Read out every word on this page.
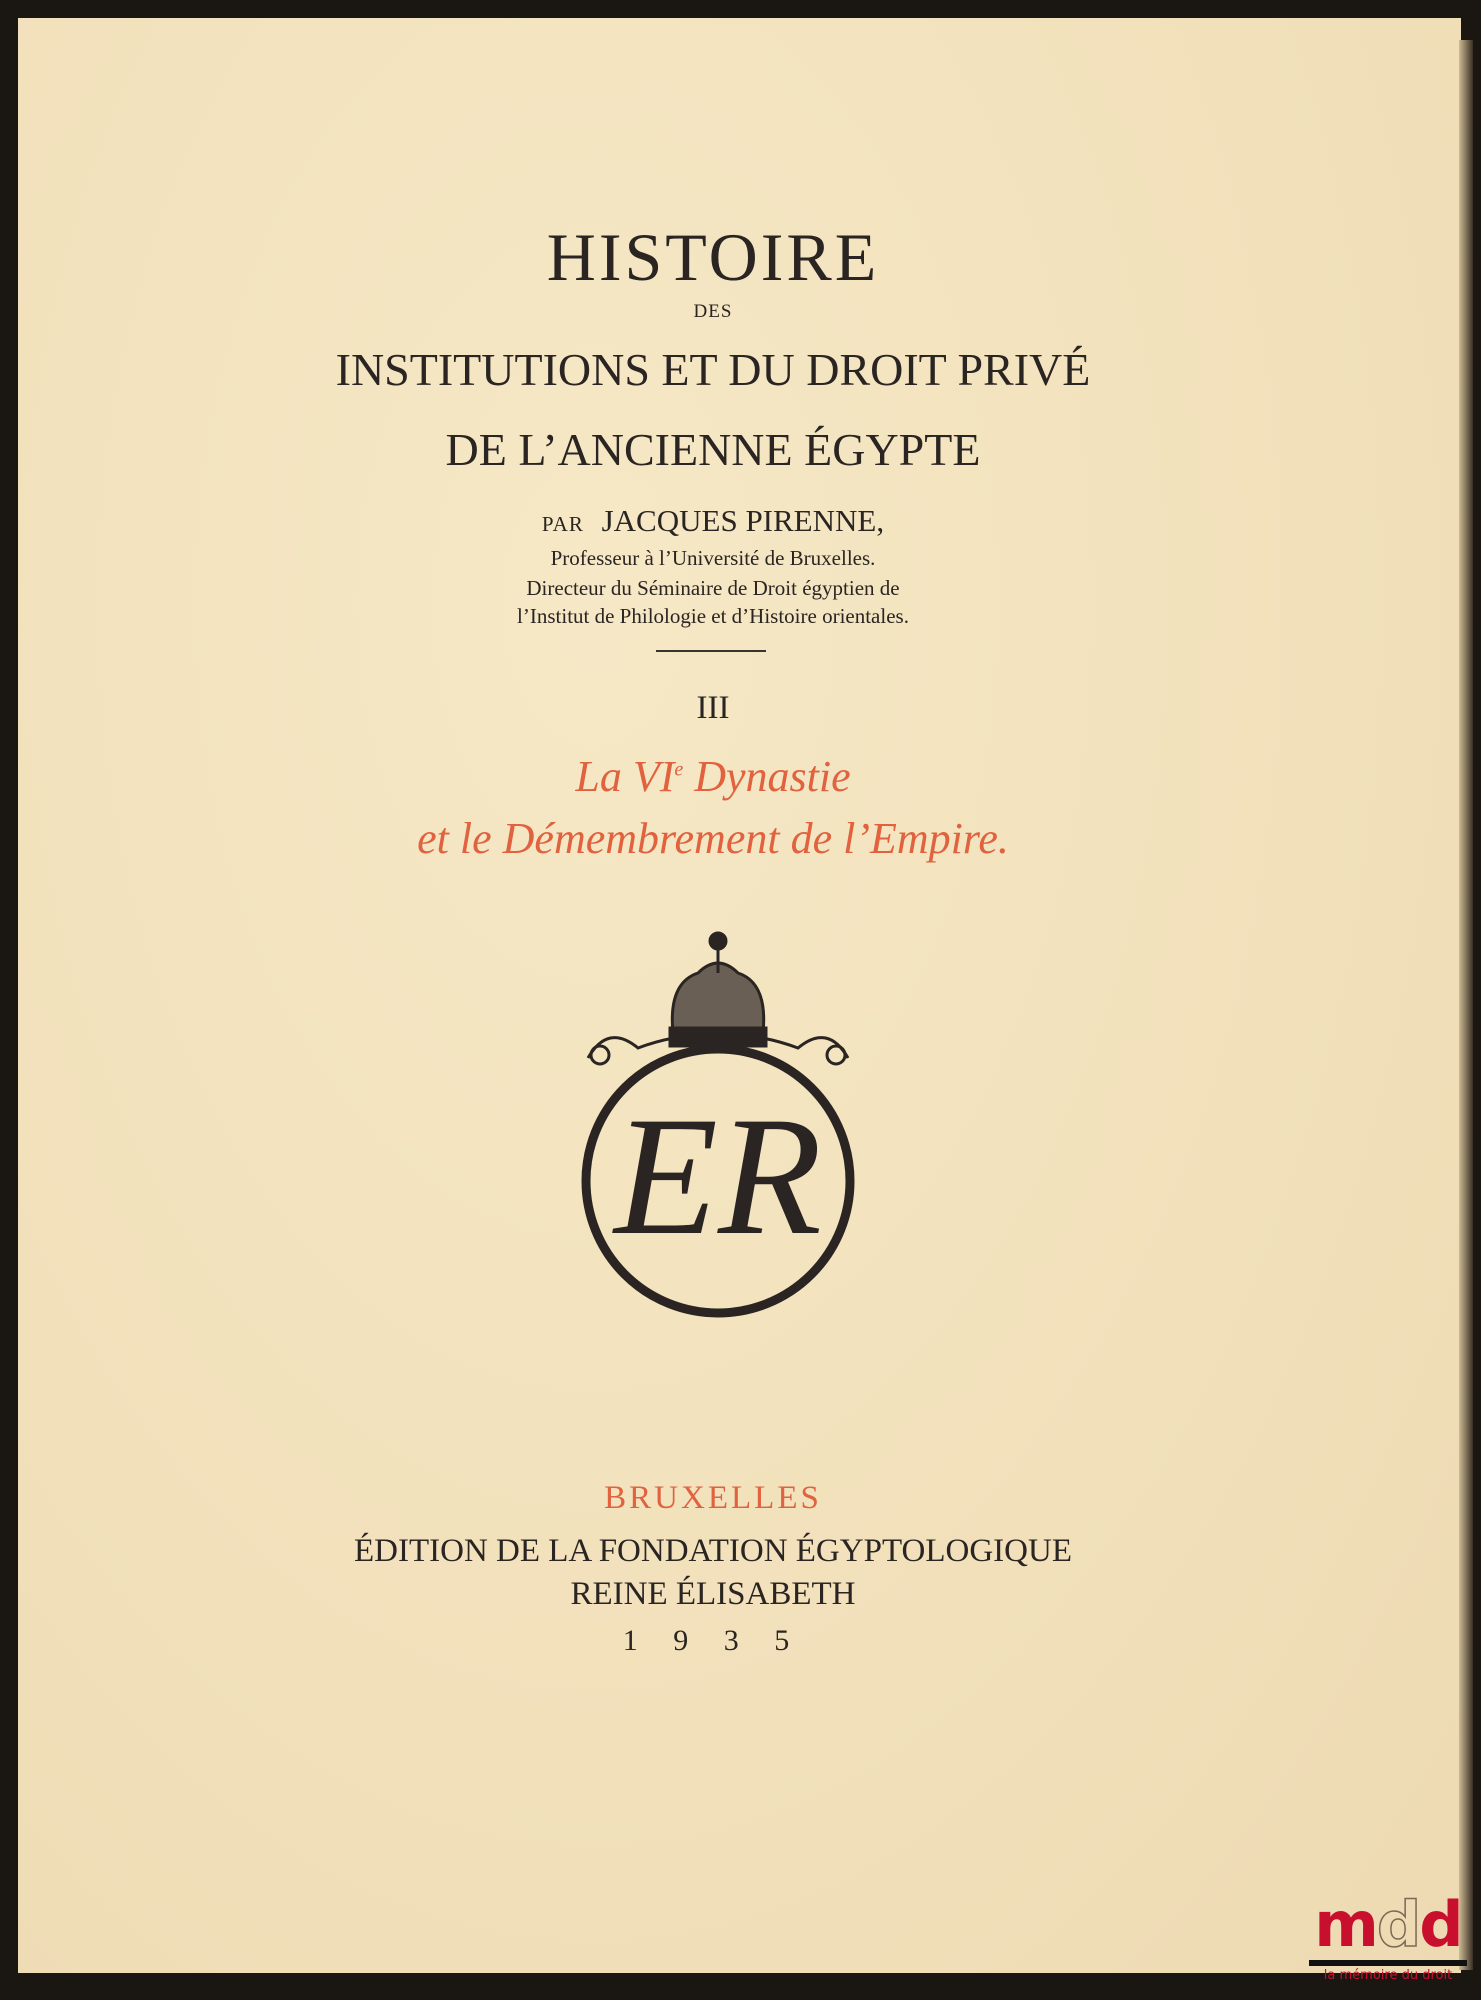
HISTOIRE
DES
INSTITUTIONS ET DU DROIT PRIVÉ
DE L’ANCIENNE ÉGYPTE
PAR JACQUES PIRENNE,
Professeur à l’Université de Bruxelles.
Directeur du Séminaire de Droit égyptien de
l’Institut de Philologie et d’Histoire orientales.
III
La VIe Dynastie
et le Démembrement de l’Empire.
ER
BRUXELLES
ÉDITION DE LA FONDATION ÉGYPTOLOGIQUE
REINE ÉLISABETH
1 9 3 5
mdd
la mémoire du droit
